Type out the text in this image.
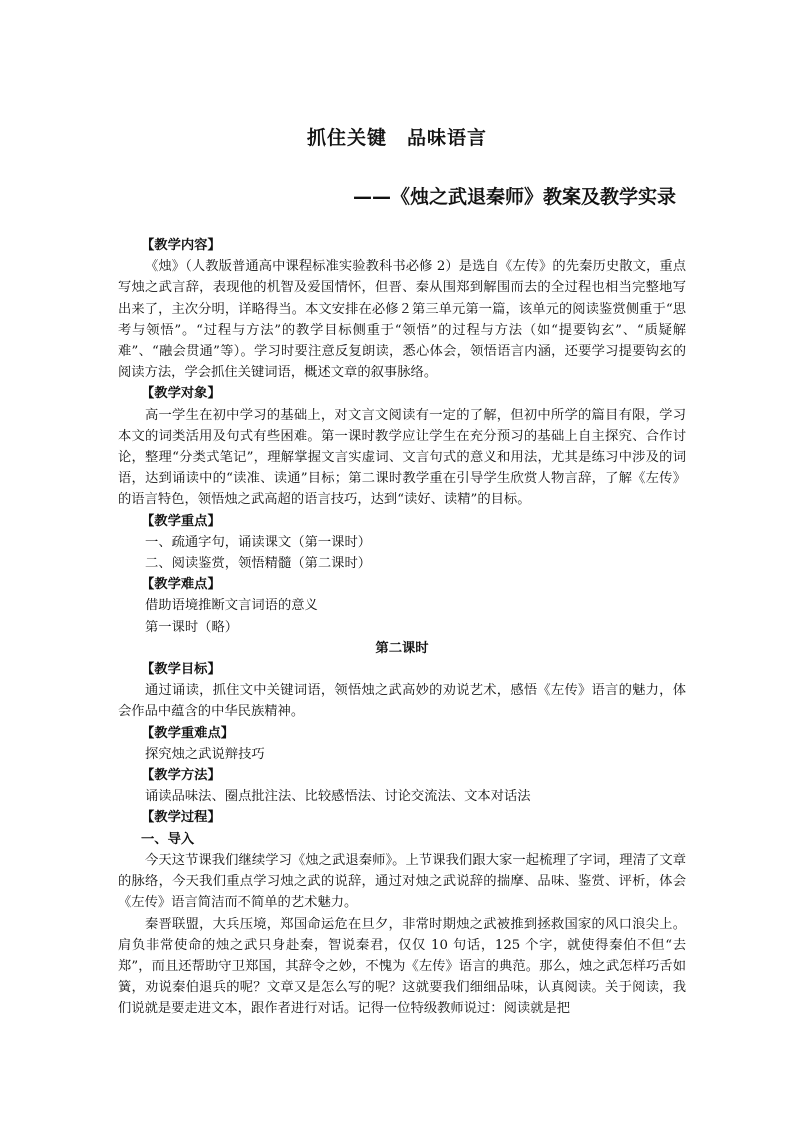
抓住关键　品味语言
——《烛之武退秦师》教案及教学实录
【教学内容】
《烛》（人教版普通高中课程标准实验教科书必修 2）是选自《左传》的先秦历史散文，重点写烛之武言辞，表现他的机智及爱国情怀，但晋、秦从围郑到解围而去的全过程也相当完整地写出来了，主次分明，详略得当。本文安排在必修２第三单元第一篇，该单元的阅读鉴赏侧重于“思考与领悟”。“过程与方法”的教学目标侧重于“领悟”的过程与方法（如“提要钩玄”、“质疑解难”、“融会贯通”等）。学习时要注意反复朗读，悉心体会，领悟语言内涵，还要学习提要钩玄的阅读方法，学会抓住关键词语，概述文章的叙事脉络。
【教学对象】
高一学生在初中学习的基础上，对文言文阅读有一定的了解，但初中所学的篇目有限，学习本文的词类活用及句式有些困难。第一课时教学应让学生在充分预习的基础上自主探究、合作讨论，整理“分类式笔记”，理解掌握文言实虚词、文言句式的意义和用法，尤其是练习中涉及的词语，达到诵读中的“读准、读通”目标；第二课时教学重在引导学生欣赏人物言辞，了解《左传》的语言特色，领悟烛之武高超的语言技巧，达到“读好、读精”的目标。
【教学重点】
一、疏通字句，诵读课文（第一课时）
二、阅读鉴赏，领悟精髓（第二课时）
【教学难点】
借助语境推断文言词语的意义
第一课时（略）
第二课时
【教学目标】
通过诵读，抓住文中关键词语，领悟烛之武高妙的劝说艺术，感悟《左传》语言的魅力，体会作品中蕴含的中华民族精神。
【教学重难点】
探究烛之武说辩技巧
【教学方法】
诵读品味法、圈点批注法、比较感悟法、讨论交流法、文本对话法
【教学过程】
一、导入
今天这节课我们继续学习《烛之武退秦师》。上节课我们跟大家一起梳理了字词，理清了文章的脉络，今天我们重点学习烛之武的说辞，通过对烛之武说辞的揣摩、品味、鉴赏、评析，体会《左传》语言简洁而不简单的艺术魅力。
秦晋联盟，大兵压境，郑国命运危在旦夕，非常时期烛之武被推到拯救国家的风口浪尖上。肩负非常使命的烛之武只身赴秦，智说秦君，仅仅 10 句话，125 个字，就使得秦伯不但“去郑”，而且还帮助守卫郑国，其辞令之妙，不愧为《左传》语言的典范。那么，烛之武怎样巧舌如簧，劝说秦伯退兵的呢？文章又是怎么写的呢？这就要我们细细品味，认真阅读。关于阅读，我们说就是要走进文本，跟作者进行对话。记得一位特级教师说过：阅读就是把
